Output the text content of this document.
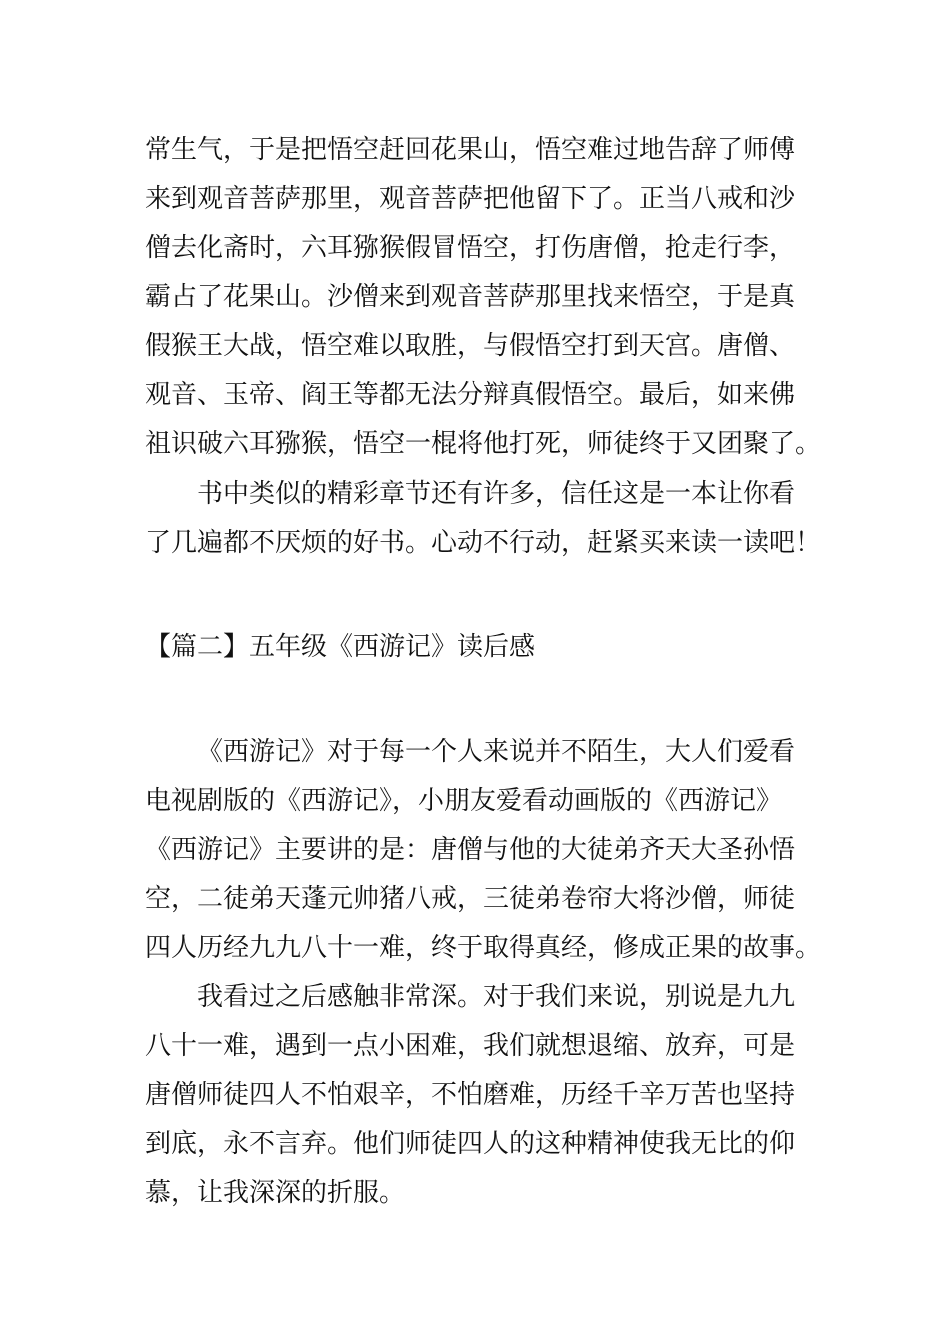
常生气，于是把悟空赶回花果山，悟空难过地告辞了师傅
来到观音菩萨那里，观音菩萨把他留下了。正当八戒和沙
僧去化斋时，六耳猕猴假冒悟空，打伤唐僧，抢走行李，
霸占了花果山。沙僧来到观音菩萨那里找来悟空，于是真
假猴王大战，悟空难以取胜，与假悟空打到天宫。唐僧、
观音、玉帝、阎王等都无法分辩真假悟空。最后，如来佛
祖识破六耳猕猴，悟空一棍将他打死，师徒终于又团聚了。
书中类似的精彩章节还有许多，信任这是一本让你看
了几遍都不厌烦的好书。心动不行动，赶紧买来读一读吧！
【篇二】五年级《西游记》读后感
《西游记》对于每一个人来说并不陌生，大人们爱看
电视剧版的《西游记》，小朋友爱看动画版的《西游记》
《西游记》主要讲的是：唐僧与他的大徒弟齐天大圣孙悟
空，二徒弟天蓬元帅猪八戒，三徒弟卷帘大将沙僧，师徒
四人历经九九八十一难，终于取得真经，修成正果的故事。
我看过之后感触非常深。对于我们来说，别说是九九
八十一难，遇到一点小困难，我们就想退缩、放弃，可是
唐僧师徒四人不怕艰辛，不怕磨难，历经千辛万苦也坚持
到底，永不言弃。他们师徒四人的这种精神使我无比的仰
慕，让我深深的折服。
